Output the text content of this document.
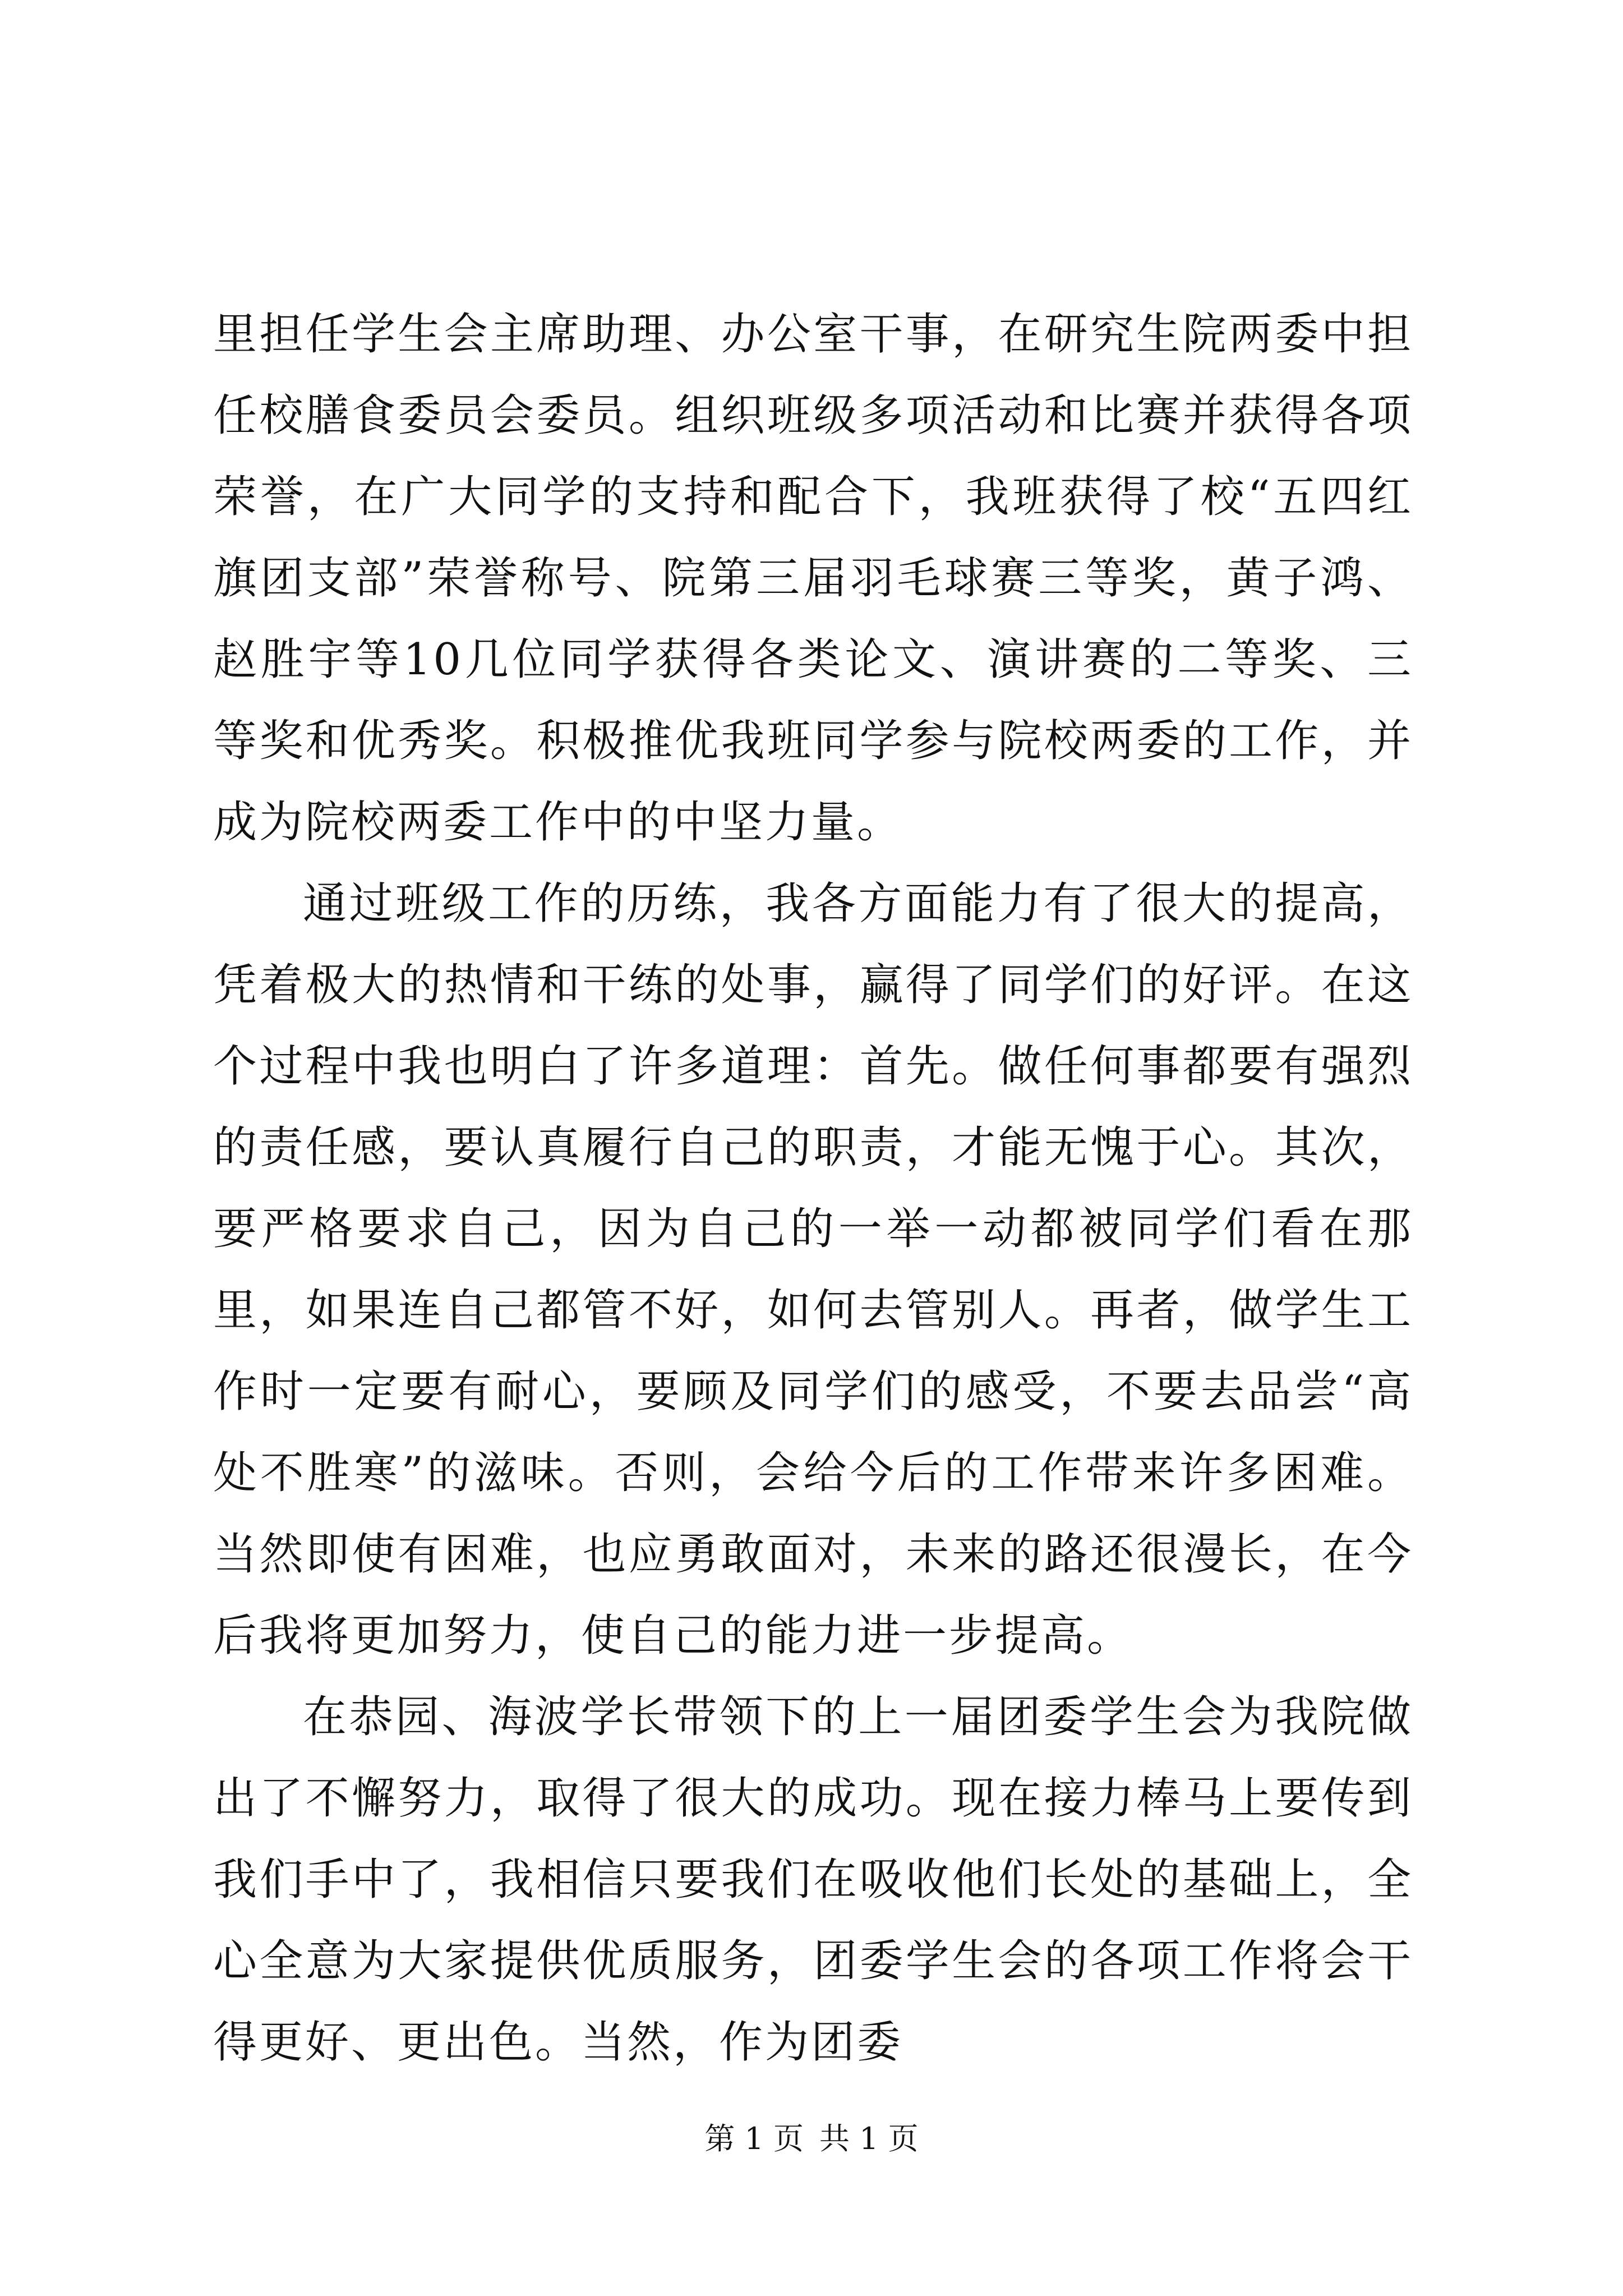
里担任学生会主席助理、办公室干事，在研究生院两委中担任校膳食委员会委员。组织班级多项活动和比赛并获得各项荣誉，在广大同学的支持和配合下，我班获得了校“五四红旗团支部”荣誉称号、院第三届羽毛球赛三等奖，黄子鸿、赵胜宇等10几位同学获得各类论文、演讲赛的二等奖、三等奖和优秀奖。积极推优我班同学参与院校两委的工作，并成为院校两委工作中的中坚力量。

通过班级工作的历练，我各方面能力有了很大的提高，凭着极大的热情和干练的处事，赢得了同学们的好评。在这个过程中我也明白了许多道理：首先。做任何事都要有强烈的责任感，要认真履行自己的职责，才能无愧于心。其次，要严格要求自己，因为自己的一举一动都被同学们看在那里，如果连自己都管不好，如何去管别人。再者，做学生工作时一定要有耐心，要顾及同学们的感受，不要去品尝“高处不胜寒”的滋味。否则，会给今后的工作带来许多困难。当然即使有困难，也应勇敢面对，未来的路还很漫长，在今后我将更加努力，使自己的能力进一步提高。

在恭园、海波学长带领下的上一届团委学生会为我院做出了不懈努力，取得了很大的成功。现在接力棒马上要传到我们手中了，我相信只要我们在吸收他们长处的基础上，全心全意为大家提供优质服务，团委学生会的各项工作将会干得更好、更出色。当然，作为团委

第 1 页 共 1 页
